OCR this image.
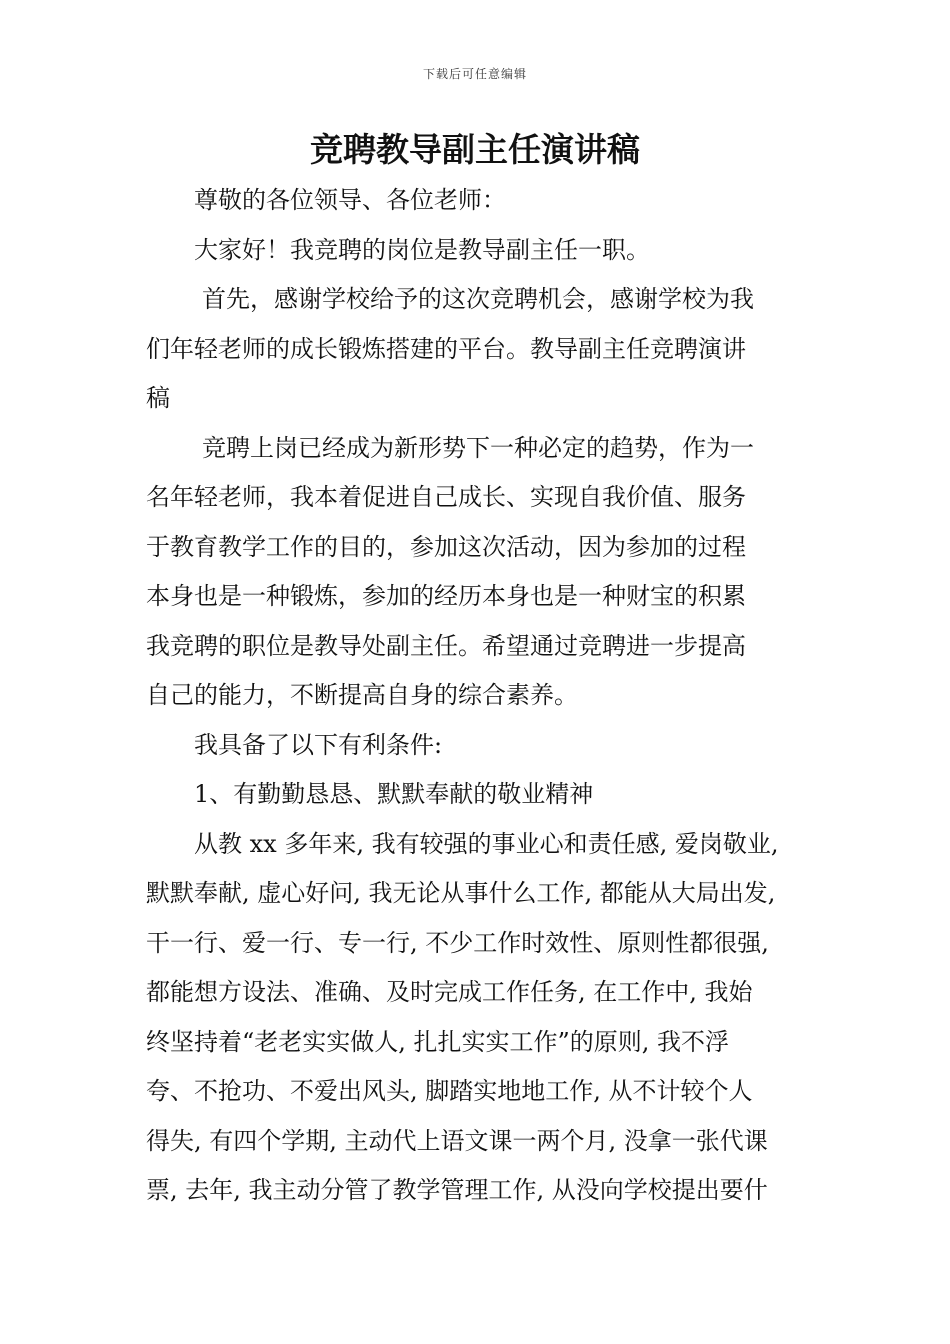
下载后可任意编辑
竞聘教导副主任演讲稿
尊敬的各位领导、各位老师：
大家好！我竞聘的岗位是教导副主任一职。
首先，感谢学校给予的这次竞聘机会，感谢学校为我
们年轻老师的成长锻炼搭建的平台。教导副主任竞聘演讲
稿
竞聘上岗已经成为新形势下一种必定的趋势，作为一
名年轻老师，我本着促进自己成长、实现自我价值、服务
于教育教学工作的目的，参加这次活动，因为参加的过程
本身也是一种锻炼，参加的经历本身也是一种财宝的积累
我竞聘的职位是教导处副主任。希望通过竞聘进一步提高
自己的能力，不断提高自身的综合素养。
我具备了以下有利条件:
1、有勤勤恳恳、默默奉献的敬业精神
从教 xx 多年来, 我有较强的事业心和责任感, 爱岗敬业,
默默奉献, 虚心好问, 我无论从事什么工作, 都能从大局出发,
干一行、爱一行、专一行, 不少工作时效性、原则性都很强,
都能想方设法、准确、及时完成工作任务, 在工作中, 我始
终坚持着“老老实实做人, 扎扎实实工作”的原则, 我不浮
夸、不抢功、不爱出风头, 脚踏实地地工作, 从不计较个人
得失, 有四个学期, 主动代上语文课一两个月, 没拿一张代课
票, 去年, 我主动分管了教学管理工作, 从没向学校提出要什
